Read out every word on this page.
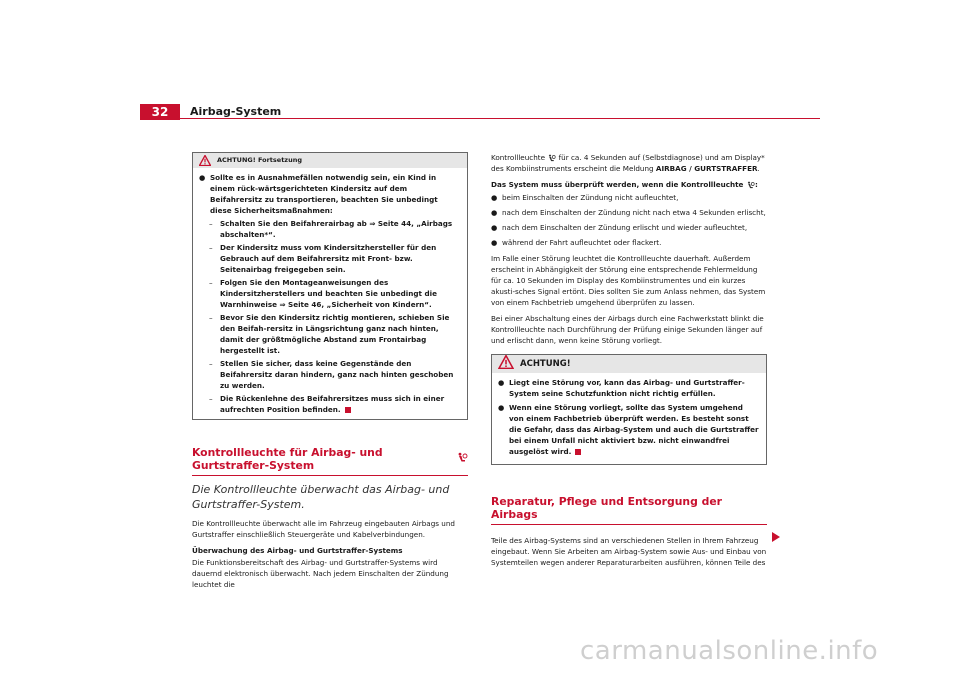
32	Airbag-System
ACHTUNG! Fortsetzung
● Sollte es in Ausnahmefällen notwendig sein, ein Kind in einem rück-wärtsgerichteten Kindersitz auf dem Beifahrersitz zu transportieren, beachten Sie unbedingt diese Sicherheitsmaßnahmen:
–	Schalten Sie den Beifahrerairbag ab ⇒ Seite 44, „Airbags abschalten*“.
–	Der Kindersitz muss vom Kindersitzhersteller für den Gebrauch auf dem Beifahrersitz mit Front- bzw. Seitenairbag freigegeben sein.
–	Folgen Sie den Montageanweisungen des Kindersitzherstellers und beachten Sie unbedingt die Warnhinweise ⇒ Seite 46, „Sicherheit von Kindern“.
–	Bevor Sie den Kindersitz richtig montieren, schieben Sie den Beifah-rersitz in Längsrichtung ganz nach hinten, damit der größtmögliche Abstand zum Frontairbag hergestellt ist.
–	Stellen Sie sicher, dass keine Gegenstände den Beifahrersitz daran hindern, ganz nach hinten geschoben zu werden.
–	Die Rückenlehne des Beifahrersitzes muss sich in einer aufrechten Position befinden.
Kontrollleuchte für Airbag- und Gurtstraffer-System
Die Kontrollleuchte überwacht das Airbag- und Gurtstraffer-System.

Die Kontrollleuchte überwacht alle im Fahrzeug eingebauten Airbags und Gurtstraffer einschließlich Steuergeräte und Kabelverbindungen.

Überwachung des Airbag- und Gurtstraffer-Systems

Die Funktionsbereitschaft des Airbag- und Gurtstraffer-Systems wird dauernd elektronisch überwacht. Nach jedem Einschalten der Zündung leuchtet die

Kontrollleuchte für ca. 4 Sekunden auf (Selbstdiagnose) und am Display* des Kombiinstruments erscheint die Meldung AIRBAG / GURTSTRAFFER.

Das System muss überprüft werden, wenn die Kontrollleuchte :

● beim Einschalten der Zündung nicht aufleuchtet,
● nach dem Einschalten der Zündung nicht nach etwa 4 Sekunden erlischt,
● nach dem Einschalten der Zündung erlischt und wieder aufleuchtet,
● während der Fahrt aufleuchtet oder flackert.

Im Falle einer Störung leuchtet die Kontrollleuchte dauerhaft. Außerdem erscheint in Abhängigkeit der Störung eine entsprechende Fehlermeldung für ca. 10 Sekunden im Display des Kombiinstrumentes und ein kurzes akusti-sches Signal ertönt. Dies sollten Sie zum Anlass nehmen, das System von einem Fachbetrieb umgehend überprüfen zu lassen.

Bei einer Abschaltung eines der Airbags durch eine Fachwerkstatt blinkt die Kontrollleuchte nach Durchführung der Prüfung einige Sekunden länger auf und erlischt dann, wenn keine Störung vorliegt.

ACHTUNG!
● Liegt eine Störung vor, kann das Airbag- und Gurtstraffer-System seine Schutzfunktion nicht richtig erfüllen.
● Wenn eine Störung vorliegt, sollte das System umgehend von einem Fachbetrieb überprüft werden. Es besteht sonst die Gefahr, dass das Airbag-System und auch die Gurtstraffer bei einem Unfall nicht aktiviert bzw. nicht einwandfrei ausgelöst wird.
Reparatur, Pflege und Entsorgung der Airbags

Teile des Airbag-Systems sind an verschiedenen Stellen in Ihrem Fahrzeug eingebaut. Wenn Sie Arbeiten am Airbag-System sowie Aus- und Einbau von Systemteilen wegen anderer Reparaturarbeiten ausführen, können Teile des

carmanualsonline.info
